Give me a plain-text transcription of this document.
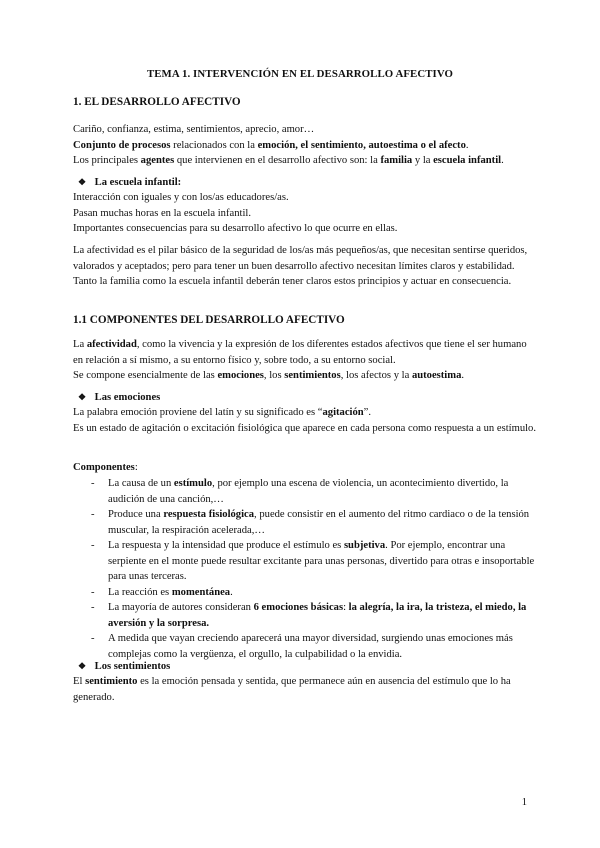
TEMA 1. INTERVENCIÓN EN EL DESARROLLO AFECTIVO
1. EL DESARROLLO AFECTIVO
Cariño, confianza, estima, sentimientos, aprecio, amor…
Conjunto de procesos relacionados con la emoción, el sentimiento, autoestima o el afecto.
Los principales agentes que intervienen en el desarrollo afectivo son: la familia y la escuela infantil.
❖ La escuela infantil:
Interacción con iguales y con los/as educadores/as.
Pasan muchas horas en la escuela infantil.
Importantes consecuencias para su desarrollo afectivo lo que ocurre en ellas.
La afectividad es el pilar básico de la seguridad de los/as más pequeños/as, que necesitan sentirse queridos, valorados y aceptados; pero para tener un buen desarrollo afectivo necesitan límites claros y estabilidad. Tanto la familia como la escuela infantil deberán tener claros estos principios y actuar en consecuencia.
1.1 COMPONENTES DEL DESARROLLO AFECTIVO
La afectividad, como la vivencia y la expresión de los diferentes estados afectivos que tiene el ser humano en relación a sí mismo, a su entorno físico y, sobre todo, a su entorno social.
Se compone esencialmente de las emociones, los sentimientos, los afectos y la autoestima.
❖ Las emociones
La palabra emoción proviene del latín y su significado es “agitación”.
Es un estado de agitación o excitación fisiológica que aparece en cada persona como respuesta a un estímulo.
Componentes:
- La causa de un estímulo, por ejemplo una escena de violencia, un acontecimiento divertido, la audición de una canción,…
- Produce una respuesta fisiológica, puede consistir en el aumento del ritmo cardiaco o de la tensión muscular, la respiración acelerada,…
- La respuesta y la intensidad que produce el estímulo es subjetiva. Por ejemplo, encontrar una serpiente en el monte puede resultar excitante para unas personas, divertido para otras e insoportable para unas terceras.
- La reacción es momentánea.
- La mayoría de autores consideran 6 emociones básicas: la alegría, la ira, la tristeza, el miedo, la aversión y la sorpresa.
- A medida que vayan creciendo aparecerá una mayor diversidad, surgiendo unas emociones más complejas como la vergüenza, el orgullo, la culpabilidad o la envidia.
❖ Los sentimientos
El sentimiento es la emoción pensada y sentida, que permanece aún en ausencia del estímulo que lo ha generado.
1
